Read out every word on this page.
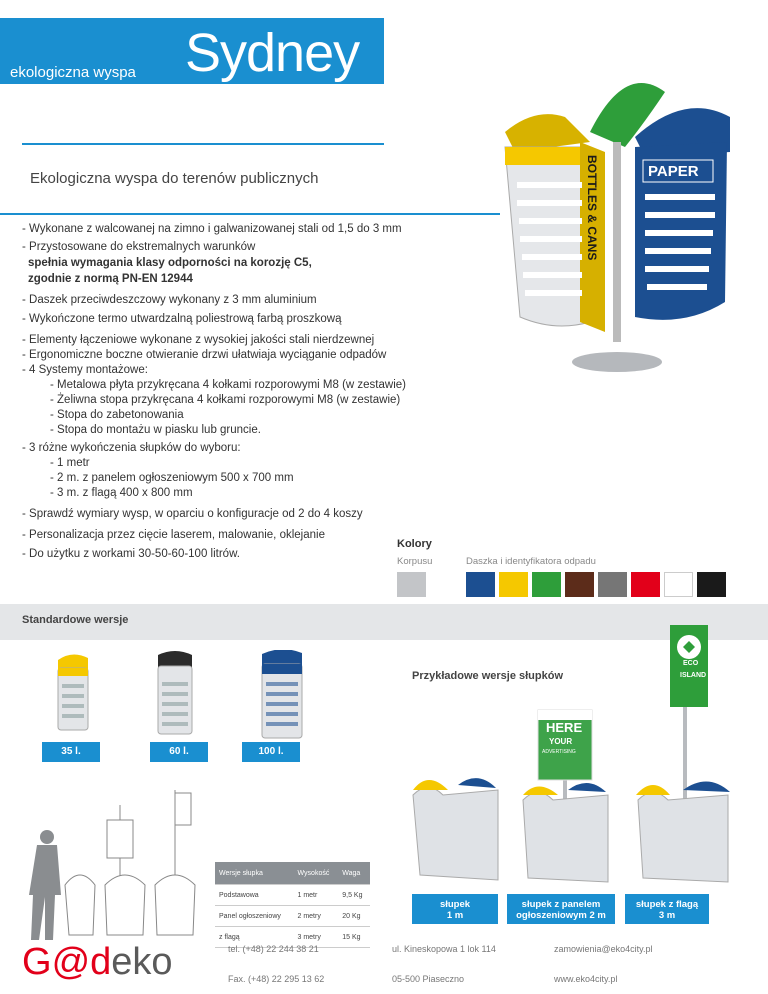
ekologiczna wyspa Sydney
Ekologiczna wyspa do terenów publicznych
- Wykonane z walcowanej na zimno i galwanizowanej stali od 1,5 do 3 mm
- Przystosowane do ekstremalnych warunków
spełnia wymagania klasy odporności na korozję C5,
zgodnie z normą PN-EN 12944
- Daszek przeciwdeszczowy wykonany z 3 mm aluminium
- Wykończone termo utwardzalną poliestrową farbą proszkową
- Elementy łączeniowe wykonane z wysokiej jakości stali nierdzewnej
- Ergonomiczne boczne otwieranie drzwi ułatwiaja wyciąganie odpadów
- 4 Systemy montażowe:
- Metalowa płyta przykręcana 4 kołkami rozporowymi M8 (w zestawie)
- Żeliwna stopa przykręcana 4 kołkami rozporowymi M8 (w zestawie)
- Stopa do zabetonowania
- Stopa do montażu w piasku lub gruncie.
- 3 różne wykończenia słupków do wyboru:
- 1 metr
- 2 m. z panelem ogłoszeniowym 500 x 700 mm
- 3 m. z flagą 400 x 800 mm
- Sprawdź wymiary wysp, w oparciu o konfiguracje od 2 do 4 koszy
- Personalizacja przez cięcie laserem, malowanie, oklejanie
- Do użytku z workami 30-50-60-100 litrów.
PAPER
BOTTLES & CANS
Kolory
Korpusu	Daszka i identyfikatora odpadu
Standardowe wersje
35 l.	60 l.	100 l.
Przykładowe wersje słupków
HERE
YOUR
ADVERTISING
ECO
ISLAND
słupek
1 m
słupek z panelem
ogłoszeniowym 2 m
słupek z flagą
3 m
Wersje słupka	Wysokość	Waga
Podstawowa	1 metr	9,5 Kg
Panel ogłoszeniowy	2 metry	20 Kg
z flagą	3 metry	15 Kg
G@deko	tel. (+48) 22 244 38 21
Fax. (+48) 22 295 13 62
ul. Kineskopowa 1 lok 114
05-500 Piaseczno
zamowienia@eko4city.pl
www.eko4city.pl
